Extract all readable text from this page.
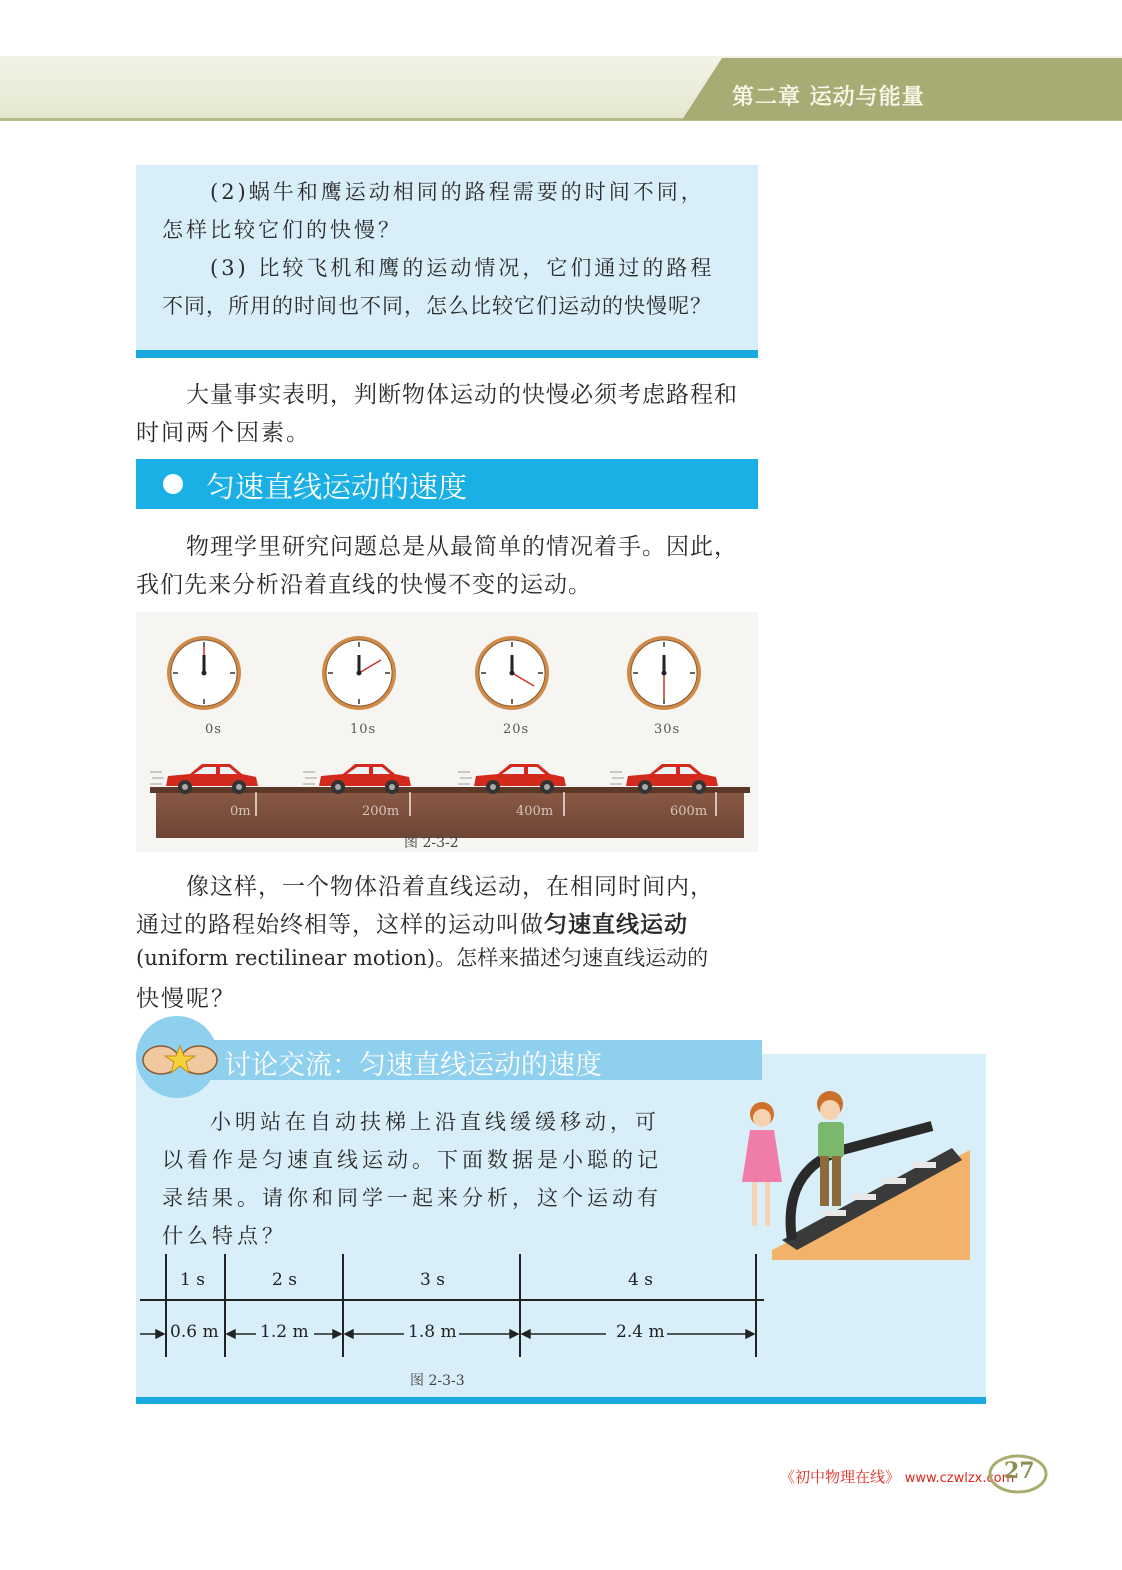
第二章 运动与能量
(2)蜗牛和鹰运动相同的路程需要的时间不同，
怎样比较它们的快慢？
(3) 比较飞机和鹰的运动情况，它们通过的路程
不同，所用的时间也不同，怎么比较它们运动的快慢呢？
大量事实表明，判断物体运动的快慢必须考虑路程和
时间两个因素。
匀速直线运动的速度
物理学里研究问题总是从最简单的情况着手。因此，
我们先来分析沿着直线的快慢不变的运动。
0s	10s	20s	30s
0m	200m	400m	600m
图 2-3-2
像这样，一个物体沿着直线运动，在相同时间内，
通过的路程始终相等，这样的运动叫做匀速直线运动
(uniform rectilinear motion)。怎样来描述匀速直线运动的
快慢呢？
讨论交流：匀速直线运动的速度
小明站在自动扶梯上沿直线缓缓移动，可
以看作是匀速直线运动。下面数据是小聪的记
录结果。请你和同学一起来分析，这个运动有
什么特点？
1 s	2 s	3 s	4 s
0.6 m 1.2 m	1.8 m	2.4 m
图 2-3-3
《初中物理在线》 www.czwlzx.com
27
